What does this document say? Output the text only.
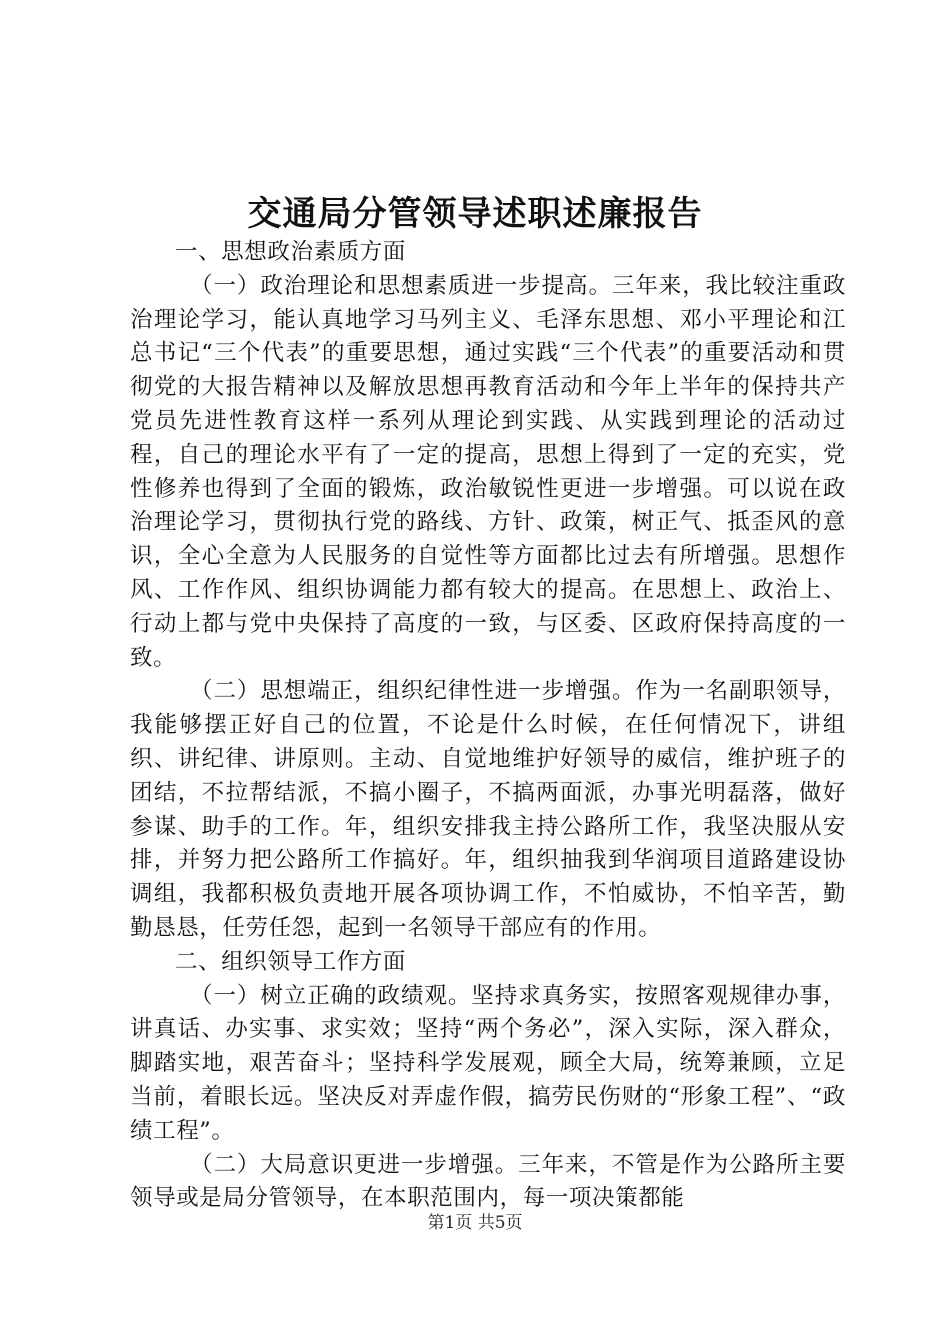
交通局分管领导述职述廉报告

一、思想政治素质方面

（一）政治理论和思想素质进一步提高。三年来，我比较注重政治理论学习，能认真地学习马列主义、毛泽东思想、邓小平理论和江总书记“三个代表”的重要思想，通过实践“三个代表”的重要活动和贯彻党的大报告精神以及解放思想再教育活动和今年上半年的保持共产党员先进性教育这样一系列从理论到实践、从实践到理论的活动过程，自己的理论水平有了一定的提高，思想上得到了一定的充实，党性修养也得到了全面的锻炼，政治敏锐性更进一步增强。可以说在政治理论学习，贯彻执行党的路线、方针、政策，树正气、抵歪风的意识，全心全意为人民服务的自觉性等方面都比过去有所增强。思想作风、工作作风、组织协调能力都有较大的提高。在思想上、政治上、行动上都与党中央保持了高度的一致，与区委、区政府保持高度的一致。

（二）思想端正，组织纪律性进一步增强。作为一名副职领导，我能够摆正好自己的位置，不论是什么时候，在任何情况下，讲组织、讲纪律、讲原则。主动、自觉地维护好领导的威信，维护班子的团结，不拉帮结派，不搞小圈子，不搞两面派，办事光明磊落，做好参谋、助手的工作。年，组织安排我主持公路所工作，我坚决服从安排，并努力把公路所工作搞好。年，组织抽我到华润项目道路建设协调组，我都积极负责地开展各项协调工作，不怕威协，不怕辛苦，勤勤恳恳，任劳任怨，起到一名领导干部应有的作用。

二、组织领导工作方面

（一）树立正确的政绩观。坚持求真务实，按照客观规律办事，讲真话、办实事、求实效；坚持“两个务必”，深入实际，深入群众，脚踏实地，艰苦奋斗；坚持科学发展观，顾全大局，统筹兼顾，立足当前，着眼长远。坚决反对弄虚作假，搞劳民伤财的“形象工程”、“政绩工程”。

（二）大局意识更进一步增强。三年来，不管是作为公路所主要领导或是局分管领导，在本职范围内，每一项决策都能

第1页 共5页
